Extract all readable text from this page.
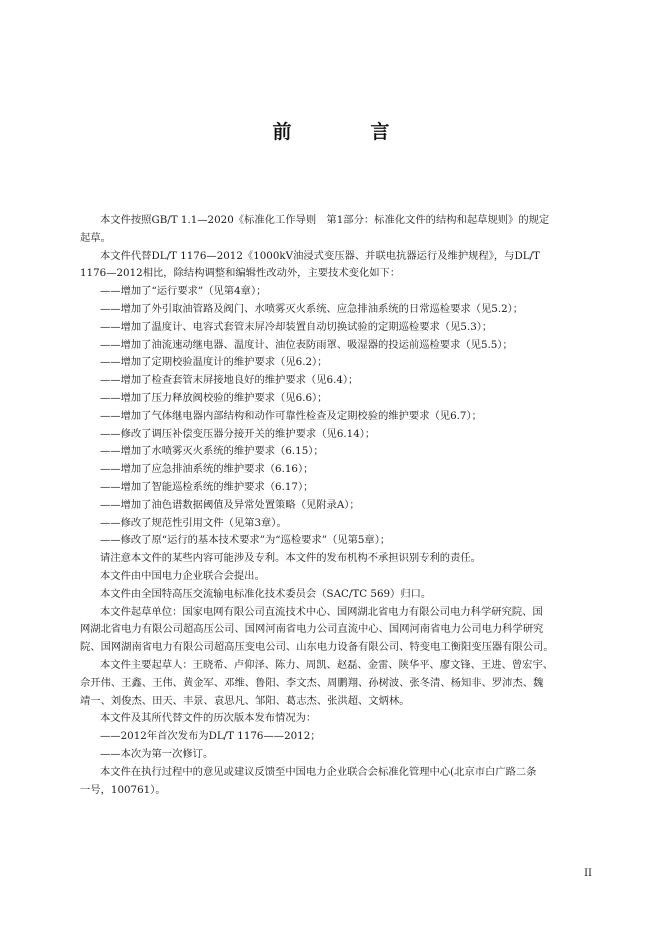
前　言
本文件按照GB/T 1.1—2020《标准化工作导则　第1部分：标准化文件的结构和起草规则》的规定
起草。
本文件代替DL/T 1176—2012《1000kV油浸式变压器、并联电抗器运行及维护规程》，与DL/T
1176—2012相比，除结构调整和编辑性改动外，主要技术变化如下：
——增加了“运行要求”（见第4章）；
——增加了外引取油管路及阀门、水喷雾灭火系统、应急排油系统的日常巡检要求（见5.2）；
——增加了温度计、电容式套管末屏冷却装置自动切换试验的定期巡检要求（见5.3）；
——增加了油流速动继电器、温度计、油位表防雨罩、吸湿器的投运前巡检要求（见5.5）；
——增加了定期校验温度计的维护要求（见6.2）；
——增加了检查套管末屏接地良好的维护要求（见6.4）；
——增加了压力释放阀校验的维护要求（见6.6）；
——增加了气体继电器内部结构和动作可靠性检查及定期校验的维护要求（见6.7）；
——修改了调压补偿变压器分接开关的维护要求（见6.14）；
——增加了水喷雾灭火系统的维护要求（6.15）；
——增加了应急排油系统的维护要求（6.16）；
——增加了智能巡检系统的维护要求（6.17）；
——增加了油色谱数据阈值及异常处置策略（见附录A）；
——修改了规范性引用文件（见第3章）。
——修改了原“运行的基本技术要求”为“巡检要求”（见第5章）；
请注意本文件的某些内容可能涉及专利。本文件的发布机构不承担识别专利的责任。
本文件由中国电力企业联合会提出。
本文件由全国特高压交流输电标准化技术委员会（SAC/TC 569）归口。
本文件起草单位：国家电网有限公司直流技术中心、国网湖北省电力有限公司电力科学研究院、国
网湖北省电力有限公司超高压公司、国网河南省电力公司直流中心、国网河南省电力公司电力科学研究
院、国网湖南省电力有限公司超高压变电公司、山东电力设备有限公司、特变电工衡阳变压器有限公司。
本文件主要起草人：王晓希、卢仰泽、陈力、周凯、赵磊、金雷、陕华平、廖文锋、王进、曾宏宇、
佘开伟、王鑫、王伟、黄金军、邓维、鲁阳、李文杰、周鹏翔、孙树波、张冬清、杨知非、罗沛杰、魏
靖一、刘俊杰、田天、丰景、袁思凡、邹阳、葛志杰、张洪超、文炳林。
本文件及其所代替文件的历次版本发布情况为：
——2012年首次发布为DL/T 1176——2012；
——本次为第一次修订。
本文件在执行过程中的意见或建议反馈至中国电力企业联合会标准化管理中心(北京市白广路二条
一号，100761）。
II
